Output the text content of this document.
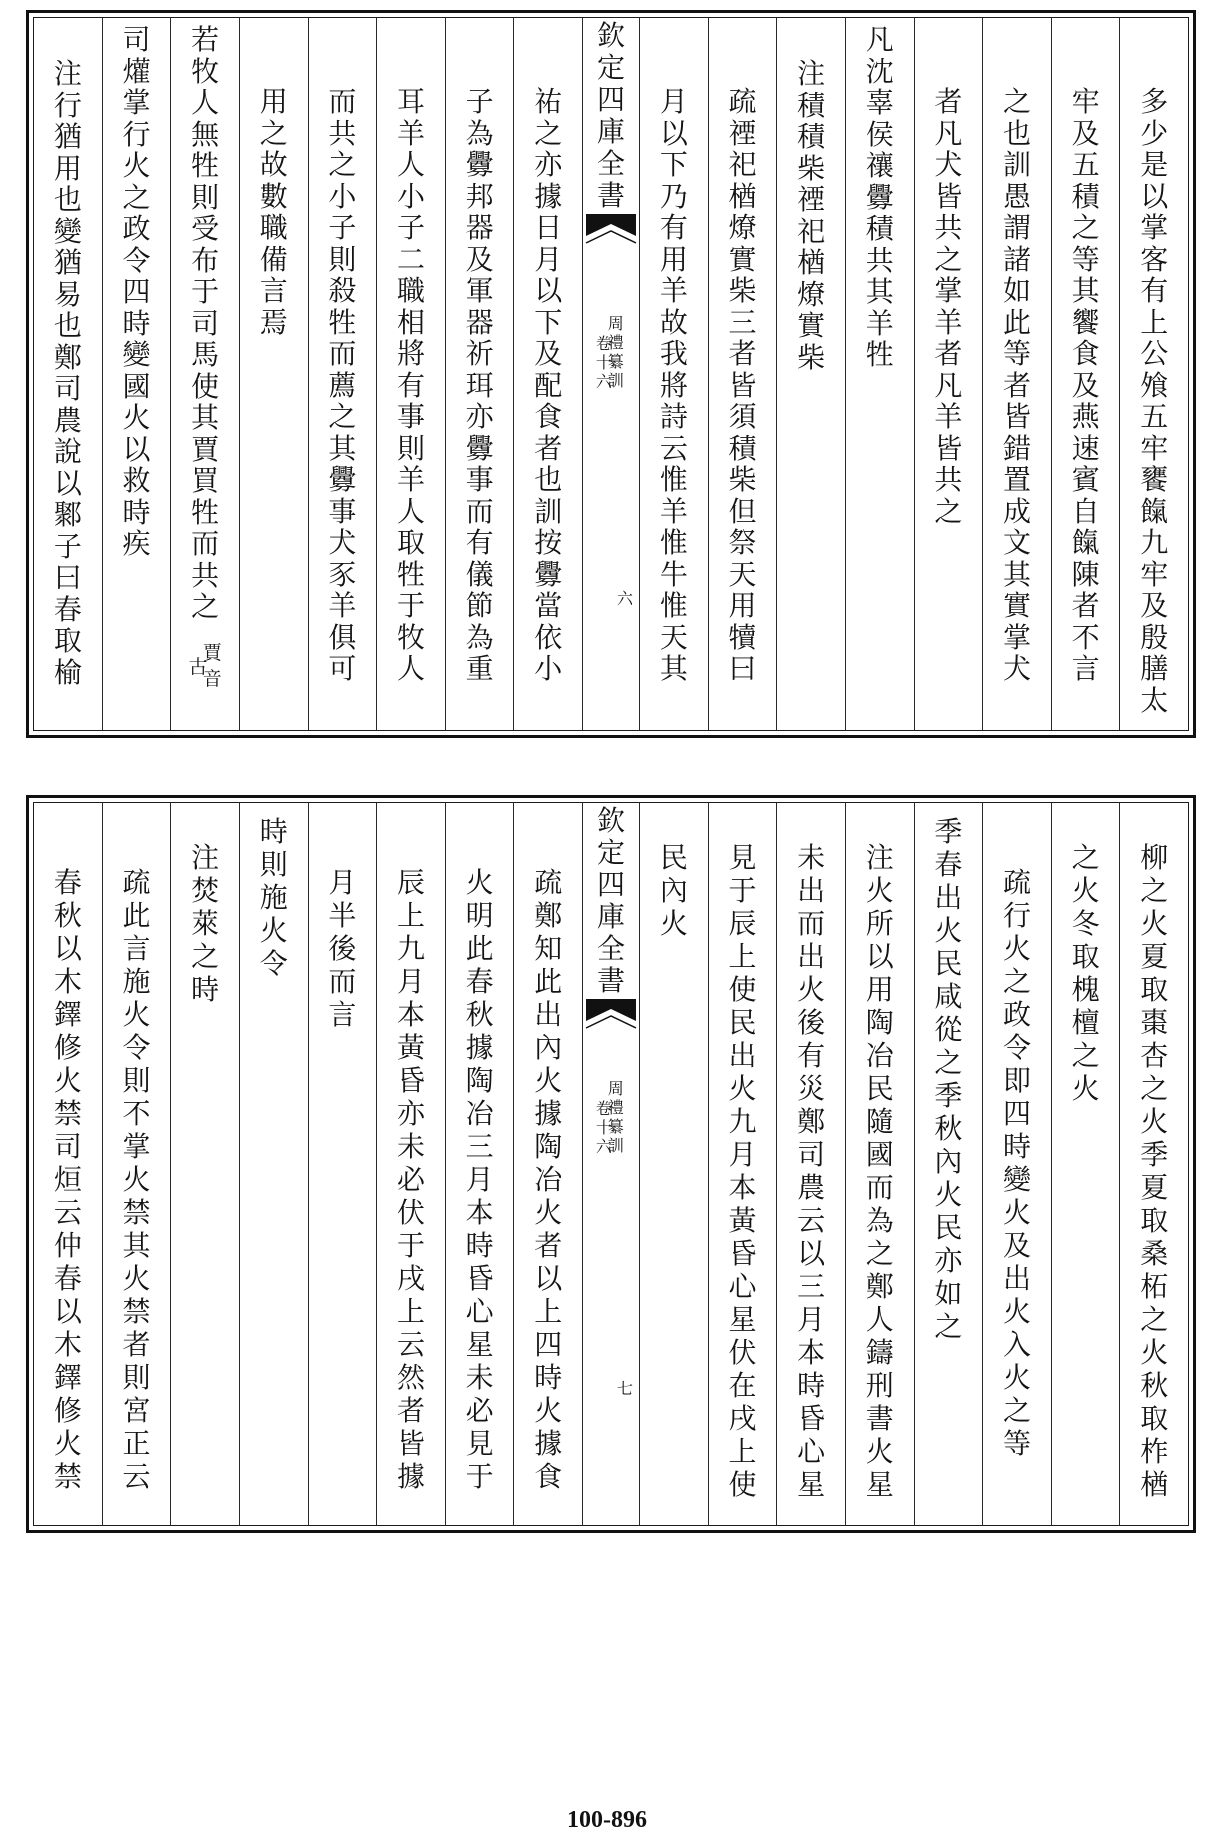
多少是以掌客有上公飧五牢饔餼九牢及殷膳太
牢及五積之等其饗食及燕速賓自餼陳者不言
之也訓愚謂諸如此等者皆錯置成文其實掌犬
者凡犬皆共之掌羊者凡羊皆共之
凡沈辜侯禳釁積共其羊牲
注積積柴禋祀楢燎實柴
疏禋祀楢燎實柴三者皆須積柴但祭天用犢曰
月以下乃有用羊故我將詩云惟羊惟牛惟天其
欽定四庫全書
周禮纂訓
卷十六
六
祐之亦據日月以下及配食者也訓按釁當依小
子為釁邦器及軍器祈珥亦釁事而有儀節為重
耳羊人小子二職相將有事則羊人取牲于牧人
而共之小子則殺牲而薦之其釁事犬豕羊俱可
用之故數職備言焉
若牧人無牲則受布于司馬使其賈買牲而共之
賈音
古
司爟掌行火之政令四時變國火以救時疾
注行猶用也變猶易也鄭司農說以鄹子曰春取榆
柳之火夏取棗杏之火季夏取桑柘之火秋取柞楢
之火冬取槐檀之火
疏行火之政令即四時變火及出火入火之等
季春出火民咸從之季秋內火民亦如之
注火所以用陶冶民隨國而為之鄭人鑄刑書火星
未出而出火後有災鄭司農云以三月本時昏心星
見于辰上使民出火九月本黃昏心星伏在戌上使
民內火
欽定四庫全書
周禮纂訓
卷十六
七
疏鄭知此出內火據陶冶火者以上四時火據食
火明此春秋據陶冶三月本時昏心星未必見于
辰上九月本黃昏亦未必伏于戌上云然者皆據
月半後而言
時則施火令
注焚萊之時
疏此言施火令則不掌火禁其火禁者則宮正云
春秋以木鐸修火禁司烜云仲春以木鐸修火禁
100-896
